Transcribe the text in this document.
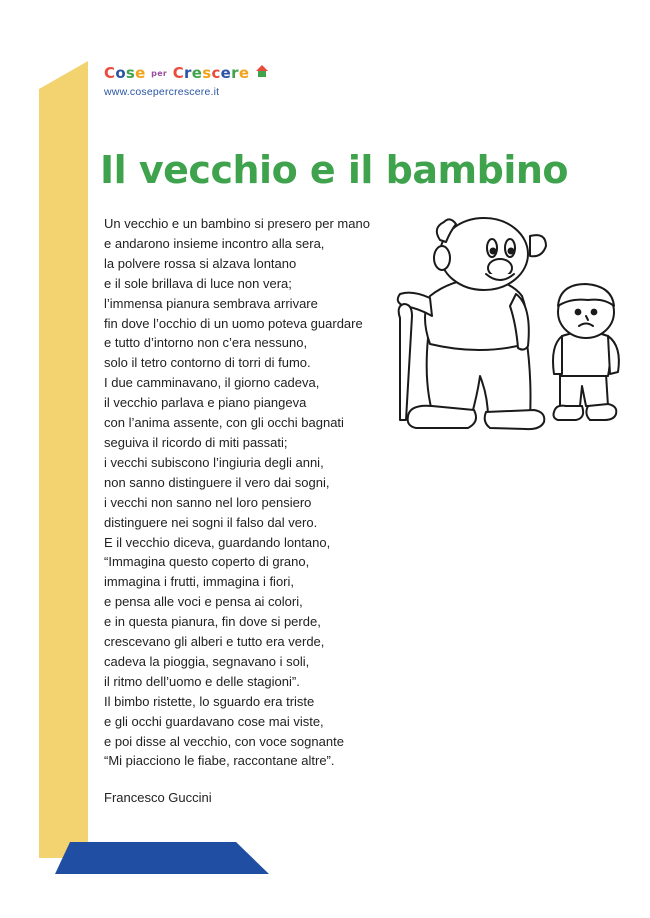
Cose per Crescere
www.cosepercrescere.it
Il vecchio e il bambino
Un vecchio e un bambino si presero per mano
e andarono insieme incontro alla sera,
la polvere rossa si alzava lontano
e il sole brillava di luce non vera;
l’immensa pianura sembrava arrivare
fin dove l’occhio di un uomo poteva guardare
e tutto d’intorno non c’era nessuno,
solo il tetro contorno di torri di fumo.
I due camminavano, il giorno cadeva,
il vecchio parlava e piano piangeva
con l’anima assente, con gli occhi bagnati
seguiva il ricordo di miti passati;
i vecchi subiscono l’ingiuria degli anni,
non sanno distinguere il vero dai sogni,
i vecchi non sanno nel loro pensiero
distinguere nei sogni il falso dal vero.
E il vecchio diceva, guardando lontano,
“Immagina questo coperto di grano,
immagina i frutti, immagina i fiori,
e pensa alle voci e pensa ai colori,
e in questa pianura, fin dove si perde,
crescevano gli alberi e tutto era verde,
cadeva la pioggia, segnavano i soli,
il ritmo dell’uomo e delle stagioni”.
Il bimbo ristette, lo sguardo era triste
e gli occhi guardavano cose mai viste,
e poi disse al vecchio, con voce sognante
“Mi piacciono le fiabe, raccontane altre”.
Francesco Guccini
